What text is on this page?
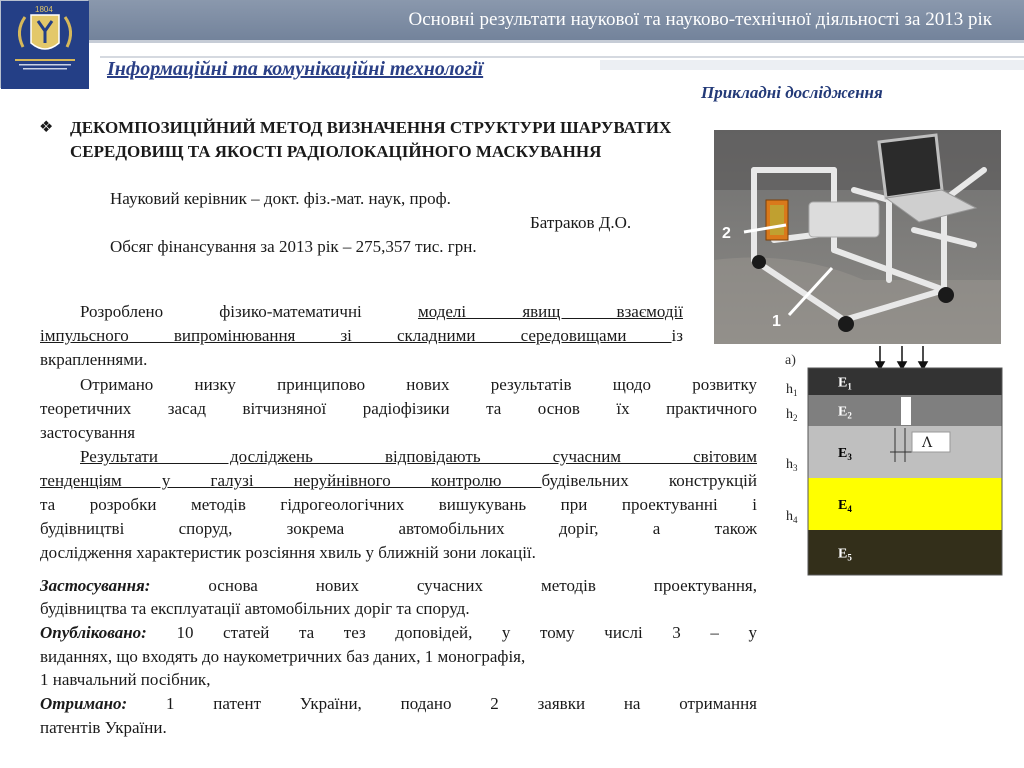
Основні результати наукової та науково-технічної діяльності за 2013 рік
1804
Інформаційні та комунікаційні технології
Прикладні дослідження
❖ ДЕКОМПОЗИЦІЙНИЙ МЕТОД ВИЗНАЧЕННЯ СТРУКТУРИ ШАРУВАТИХ СЕРЕДОВИЩ ТА ЯКОСТІ РАДІОЛОКАЦІЙНОГО МАСКУВАННЯ
Науковий керівник – докт. фіз.-мат. наук, проф.
Батраков Д.О.
Обсяг фінансування за 2013 рік – 275,357 тис. грн.
Розроблено фізико-математичні	моделі явищ взаємодії
імпульсного випромінювання зі складними середовищами із
вкрапленнями.
Отримано низку принципово нових результатів щодо розвитку
теоретичних засад вітчизняної радіофізики та основ їх практичного
застосування
Результати досліджень відповідають сучасним світовим
тенденціям у галузі неруйнівного контролю будівельних конструкцій
та розробки методів гідрогеологічних вишукувань при проектуванні і
будівництві споруд, зокрема автомобільних доріг, а також
дослідження характеристик розсіяння хвиль у ближній зони локації.
Застосування: основа нових сучасних методів проектування,
будівництва та експлуатації автомобільних доріг та споруд.
Опубліковано: 10 статей та тез доповідей, у тому числі 3 – у
виданнях, що входять до наукометричних баз даних, 1 монографія,
1 навчальний посібник,
Отримано: 1 патент України, подано 2 заявки на отримання
патентів України.
2
1
а)
$E_1$
$h_1$
$E_2$
$h_2$
$E_3$
$h_3$
$E_4$
$h_4$
$E_5$
Λ
